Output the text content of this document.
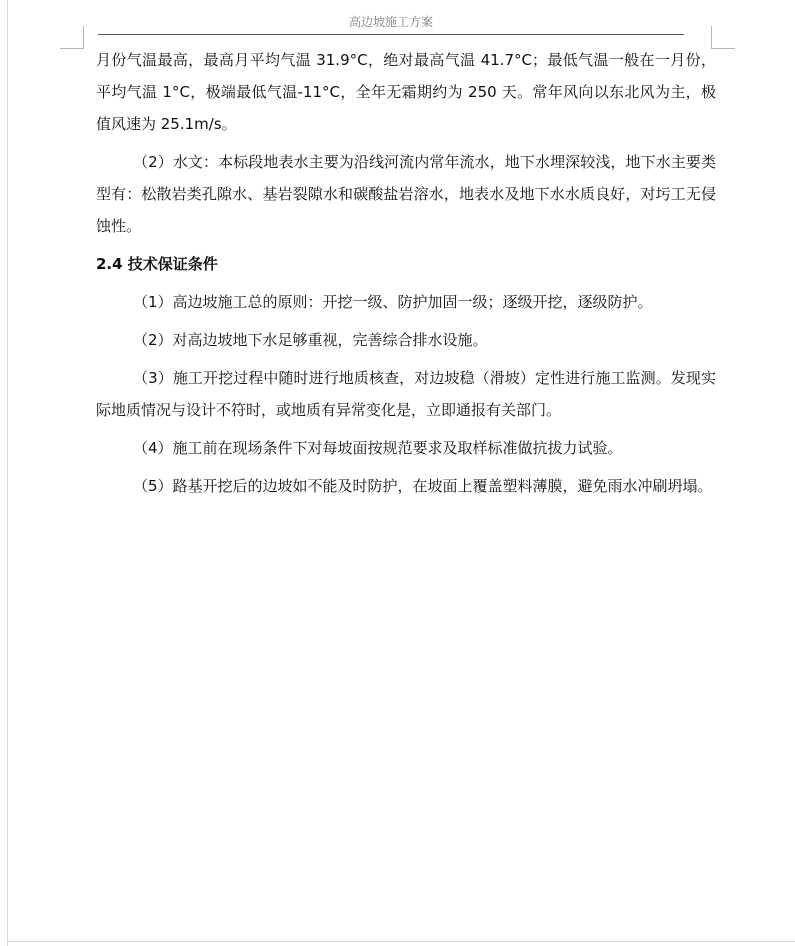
高边坡施工方案

月份气温最高，最高月平均气温 31.9°C，绝对最高气温 41.7°C；最低气温一般在一月份，平均气温 1°C，极端最低气温-11°C，全年无霜期约为 250 天。常年风向以东北风为主，极值风速为 25.1m/s。

（2）水文：本标段地表水主要为沿线河流内常年流水，地下水埋深较浅，地下水主要类型有：松散岩类孔隙水、基岩裂隙水和碳酸盐岩溶水，地表水及地下水水质良好，对圬工无侵蚀性。

2.4 技术保证条件

（1）高边坡施工总的原则：开挖一级、防护加固一级；逐级开挖，逐级防护。

（2）对高边坡地下水足够重视，完善综合排水设施。

（3）施工开挖过程中随时进行地质核查，对边坡稳（滑坡）定性进行施工监测。发现实际地质情况与设计不符时，或地质有异常变化是，立即通报有关部门。

（4）施工前在现场条件下对每坡面按规范要求及取样标准做抗拔力试验。

（5）路基开挖后的边坡如不能及时防护，在坡面上覆盖塑料薄膜，避免雨水冲刷坍塌。
